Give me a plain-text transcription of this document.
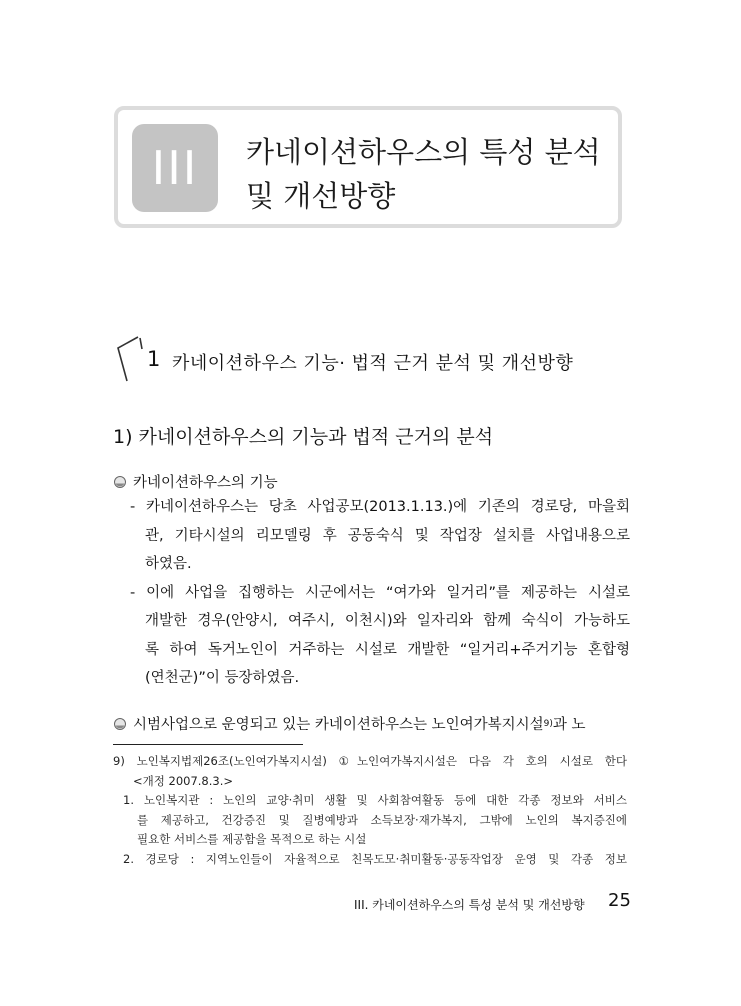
III	카네이션하우스의 특성 분석
및 개선방향
1 카네이션하우스 기능· 법적 근거 분석 및 개선방향
1) 카네이션하우스의 기능과 법적 근거의 분석
카네이션하우스의 기능
- 카네이션하우스는 당초 사업공모(2013.1.13.)에 기존의 경로당, 마을회
관, 기타시설의 리모델링 후 공동숙식 및 작업장 설치를 사업내용으로
하였음.
- 이에 사업을 집행하는 시군에서는 “여가와 일거리”를 제공하는 시설로
개발한 경우(안양시, 여주시, 이천시)와 일자리와 함께 숙식이 가능하도
록 하여 독거노인이 거주하는 시설로 개발한 “일거리+주거기능 혼합형
(연천군)”이 등장하였음.
시범사업으로 운영되고 있는 카네이션하우스는 노인여가복지시설 9) 과 노
9) 노인복지법제26조(노인여가복지시설) ①노인여가복지시설은 다음 각 호의 시설로 한다
<개정 2007.8.3.>
1. 노인복지관 : 노인의 교양·취미 생활 및 사회참여활동 등에 대한 각종 정보와 서비스
를 제공하고, 건강증진 및 질병예방과 소득보장·재가복지, 그밖에 노인의 복지증진에
필요한 서비스를 제공함을 목적으로 하는 시설
2. 경로당 : 지역노인들이 자율적으로 친목도모·취미활동·공동작업장 운영 및 각종 정보
III. 카네이션하우스의 특성 분석 및 개선방향 25
